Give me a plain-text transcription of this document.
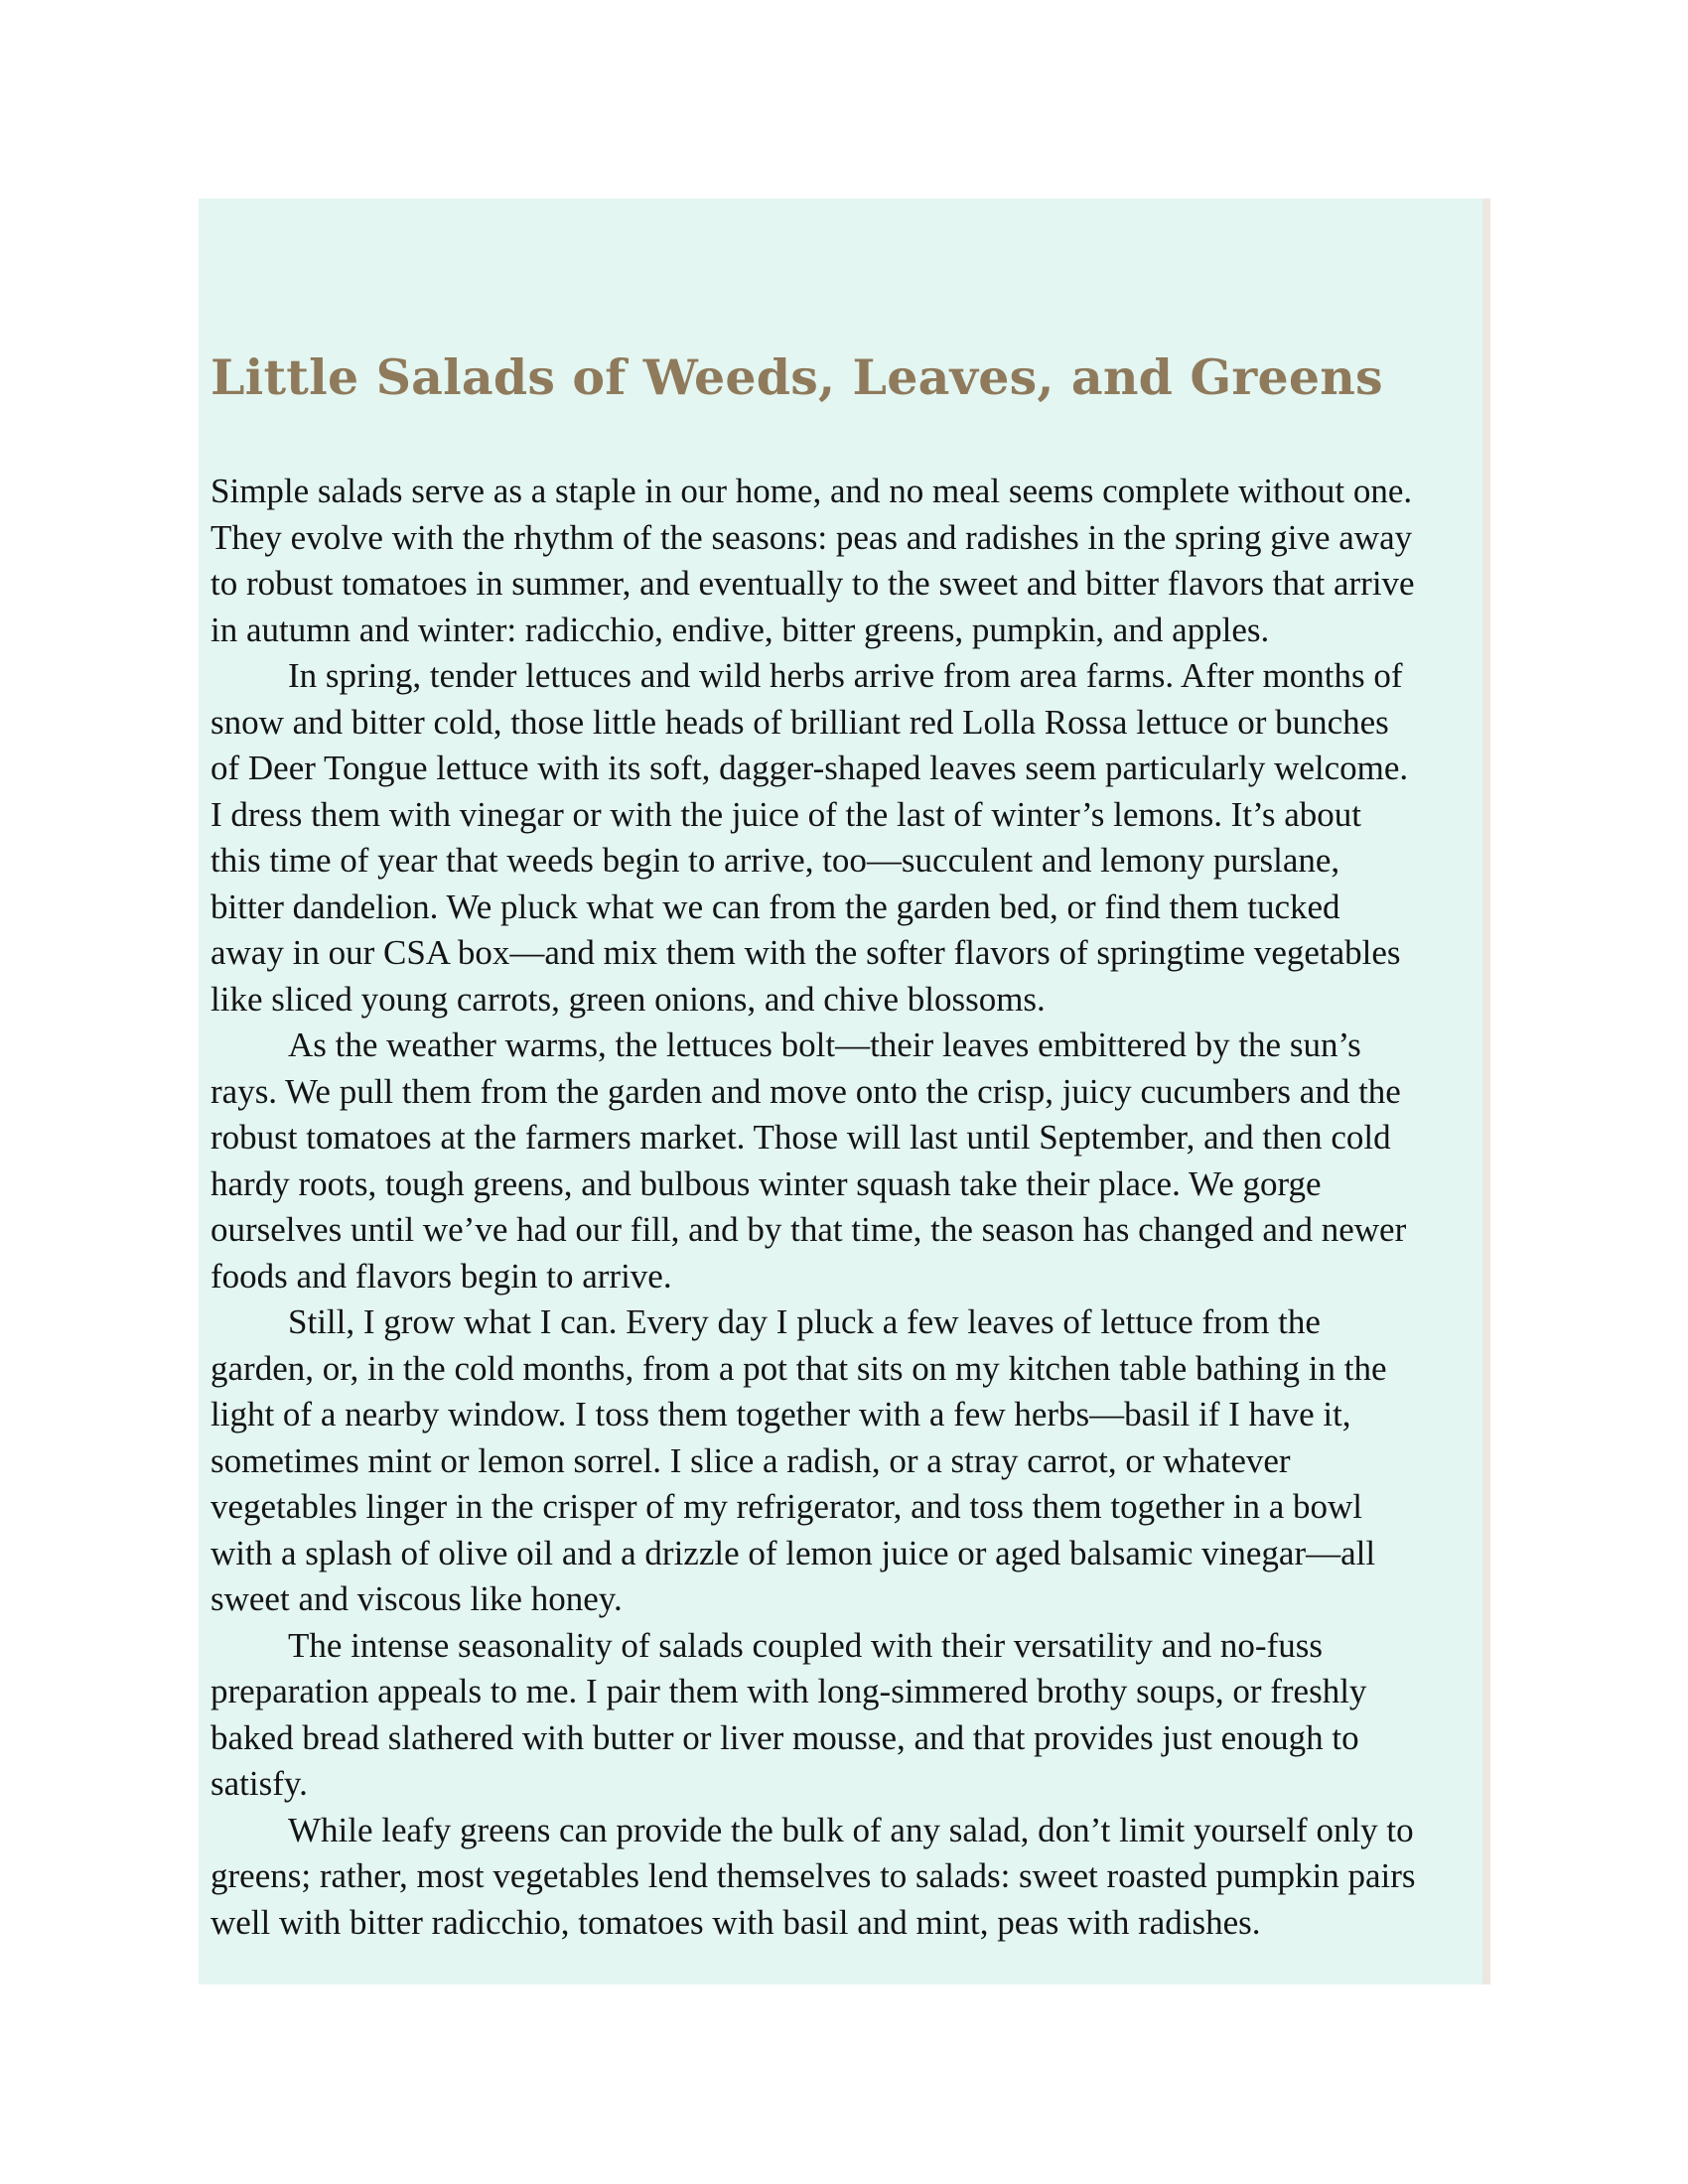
Little Salads of Weeds, Leaves, and Greens

Simple salads serve as a staple in our home, and no meal seems complete without one.
They evolve with the rhythm of the seasons: peas and radishes in the spring give away
to robust tomatoes in summer, and eventually to the sweet and bitter flavors that arrive
in autumn and winter: radicchio, endive, bitter greens, pumpkin, and apples.

In spring, tender lettuces and wild herbs arrive from area farms. After months of
snow and bitter cold, those little heads of brilliant red Lolla Rossa lettuce or bunches
of Deer Tongue lettuce with its soft, dagger-shaped leaves seem particularly welcome.
I dress them with vinegar or with the juice of the last of winter’s lemons. It’s about
this time of year that weeds begin to arrive, too—succulent and lemony purslane,
bitter dandelion. We pluck what we can from the garden bed, or find them tucked
away in our CSA box—and mix them with the softer flavors of springtime vegetables
like sliced young carrots, green onions, and chive blossoms.

As the weather warms, the lettuces bolt—their leaves embittered by the sun’s
rays. We pull them from the garden and move onto the crisp, juicy cucumbers and the
robust tomatoes at the farmers market. Those will last until September, and then cold
hardy roots, tough greens, and bulbous winter squash take their place. We gorge
ourselves until we’ve had our fill, and by that time, the season has changed and newer
foods and flavors begin to arrive.

Still, I grow what I can. Every day I pluck a few leaves of lettuce from the
garden, or, in the cold months, from a pot that sits on my kitchen table bathing in the
light of a nearby window. I toss them together with a few herbs—basil if I have it,
sometimes mint or lemon sorrel. I slice a radish, or a stray carrot, or whatever
vegetables linger in the crisper of my refrigerator, and toss them together in a bowl
with a splash of olive oil and a drizzle of lemon juice or aged balsamic vinegar—all
sweet and viscous like honey.

The intense seasonality of salads coupled with their versatility and no-fuss
preparation appeals to me. I pair them with long-simmered brothy soups, or freshly
baked bread slathered with butter or liver mousse, and that provides just enough to
satisfy.

While leafy greens can provide the bulk of any salad, don’t limit yourself only to
greens; rather, most vegetables lend themselves to salads: sweet roasted pumpkin pairs
well with bitter radicchio, tomatoes with basil and mint, peas with radishes.
